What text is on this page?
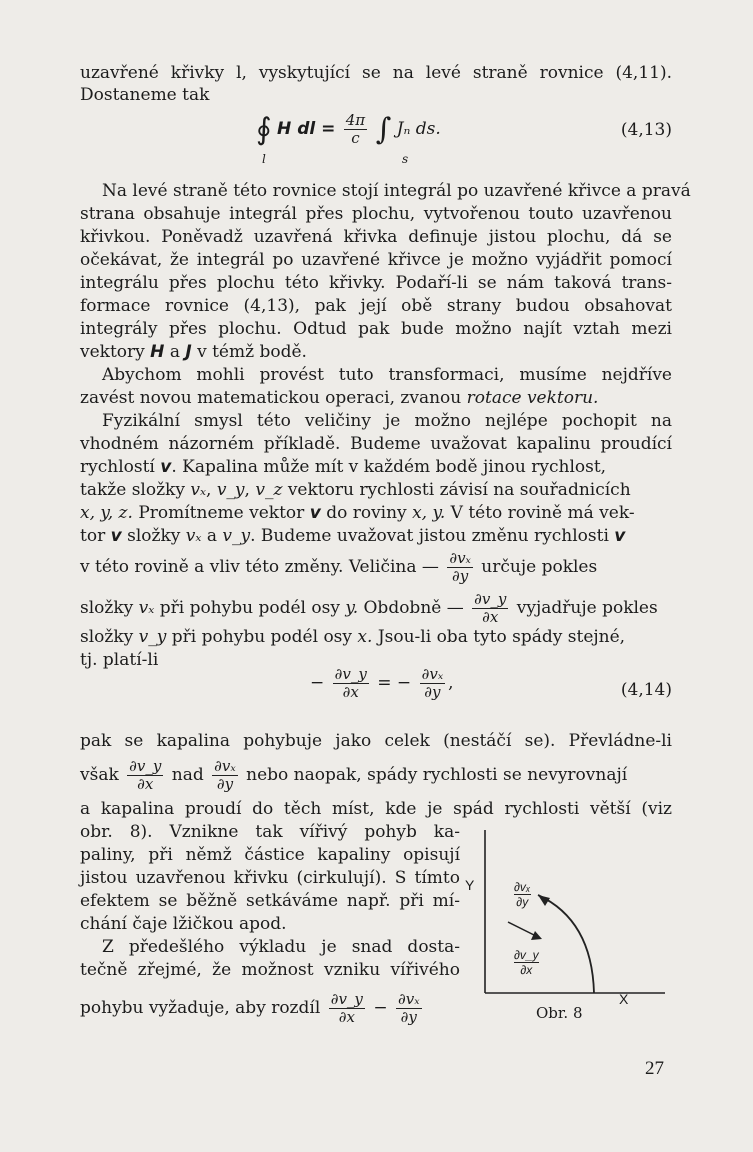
uzavřené křivky l, vyskytující se na levé straně rovnice (4,11).
Dostaneme tak
∮ H dl = $\frac{4\pi}{c}$ ∫ Jₙ ds.
l	s
(4,13)
Na levé straně této rovnice stojí integrál po uzavřené křivce a pravá
strana obsahuje integrál přes plochu, vytvořenou touto uzavřenou
křivkou. Poněvadž uzavřená křivka definuje jistou plochu, dá se
očekávat, že integrál po uzavřené křivce je možno vyjádřit pomocí
integrálu přes plochu této křivky. Podaří-li se nám taková trans-
formace rovnice (4,13), pak její obě strany budou obsahovat
integrály přes plochu. Odtud pak bude možno najít vztah mezi
vektory H a J v témž bodě.
Abychom mohli provést tuto transformaci, musíme nejdříve
zavést novou matematickou operaci, zvanou rotace vektoru.
Fyzikální smysl této veličiny je možno nejlépe pochopit na
vhodném názorném příkladě. Budeme uvažovat kapalinu proudící
rychlostí v. Kapalina může mít v každém bodě jinou rychlost,
takže složky vₓ, v_y, v_z vektoru rychlosti závisí na souřadnicích
x, y, z. Promítneme vektor v do roviny x, y. V této rovině má vek-
tor v složky vₓ a v_y. Budeme uvažovat jistou změnu rychlosti v
v této rovině a vliv této změny. Veličina — $\frac{\text{∂vₓ}}{\partial y}$ určuje pokles
složky vₓ při pohybu podél osy y. Obdobně — $\frac{\partial v\_y}{\partial x}$ vyjadřuje pokles
složky v_y při pohybu podél osy x. Jsou-li oba tyto spády stejné,
tj. platí-li
− $\frac{\partial v\_y}{\partial x}$ = − $\frac{\text{∂vₓ}}{\partial y}$ ,	(4,14)
pak se kapalina pohybuje jako celek (nestáčí se). Převládne-li
však $\frac{\partial v\_y}{\partial x}$ nad $\frac{\text{∂vₓ}}{\partial y}$ nebo naopak, spády rychlosti se nevyrovnají
a kapalina proudí do těch míst, kde je spád rychlosti větší (viz
obr. 8). Vznikne tak vířivý pohyb ka-
paliny, při němž částice kapaliny opisují
jistou uzavřenou křivku (cirkulují). S tímto
efektem se běžně setkáváme např. při mí-
chání čaje lžičkou apod.
Z předešlého výkladu je snad dosta-
tečně zřejmé, že možnost vzniku vířivého
pohybu vyžaduje, aby rozdíl $\frac{\partial v\_y}{\partial x} - \frac{\text{∂vₓ}}{\partial y}$
Y
X
∂vₓ
∂y
∂v_y
∂x
Obr. 8
27
